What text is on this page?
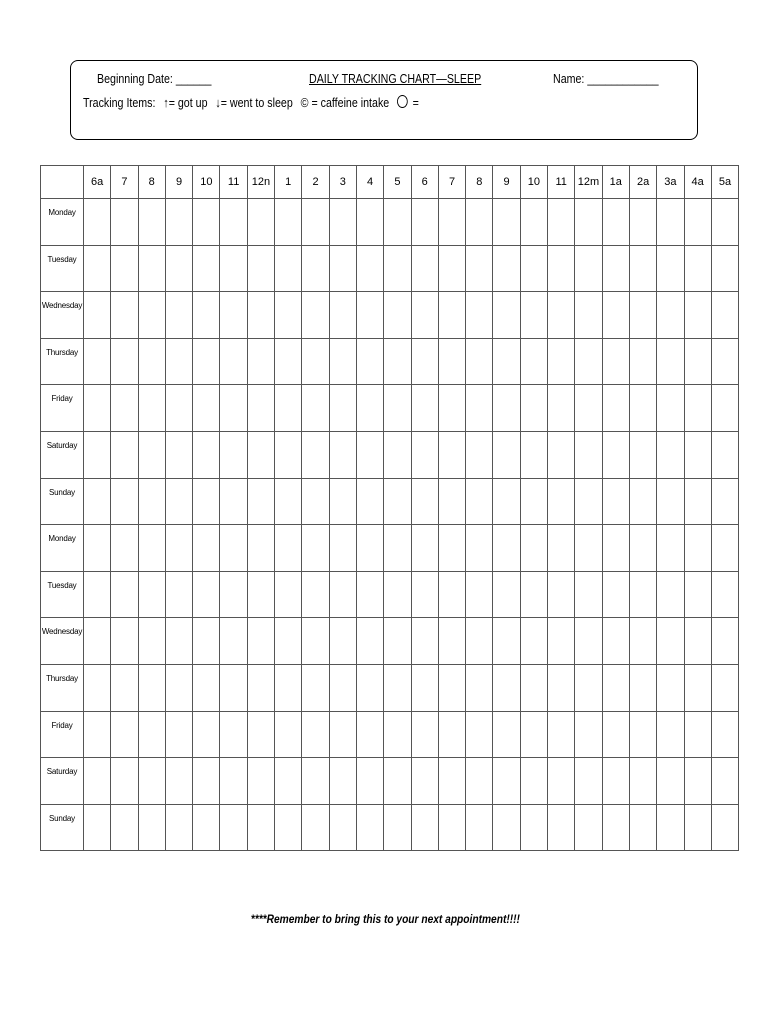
Beginning Date: ______	DAILY TRACKING CHART—SLEEP	Name: ____________
Tracking Items: ↑= got up ↓= went to sleep © = caffeine intake =
	6a	7	8	9	10	11	12n	1	2	3	4	5	6	7	8	9	10	11	12m	1a	2a	3a	4a	5a
Monday																								
Tuesday																								
Wednesday																								
Thursday																								
Friday																								
Saturday																								
Sunday																								
Monday																								
Tuesday																								
Wednesday																								
Thursday																								
Friday																								
Saturday																								
Sunday																								
****Remember to bring this to your next appointment!!!!
